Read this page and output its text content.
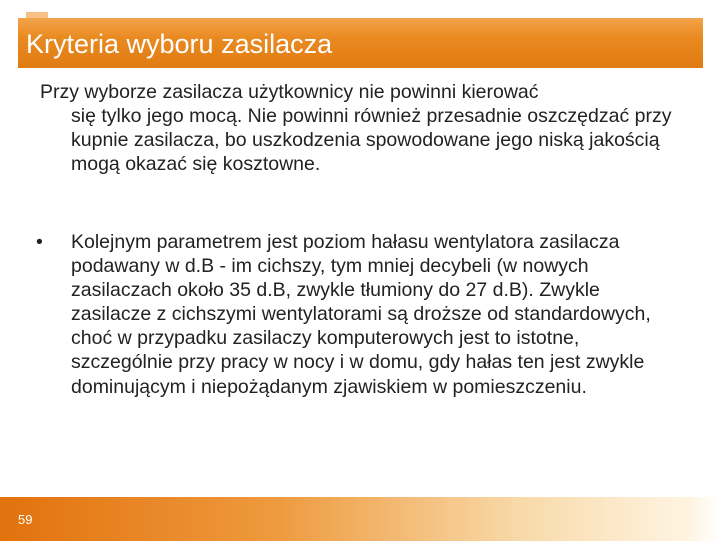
Kryteria wyboru zasilacza

Przy wyborze zasilacza użytkownicy nie powinni kierować
się tylko jego mocą. Nie powinni również przesadnie oszczędzać przy kupnie zasilacza, bo uszkodzenia spowodowane jego niską jakością mogą okazać się kosztowne.

•	Kolejnym parametrem jest poziom hałasu wentylatora zasilacza podawany w d.B - im cichszy, tym mniej decybeli (w nowych zasilaczach około 35 d.B, zwykle tłumiony do 27 d.B). Zwykle zasilacze z cichszymi wentylatorami są droższe od standardowych, choć w przypadku zasilaczy komputerowych jest to istotne, szczególnie przy pracy w nocy i w domu, gdy hałas ten jest zwykle dominującym i niepożądanym zjawiskiem w pomieszczeniu.

59
